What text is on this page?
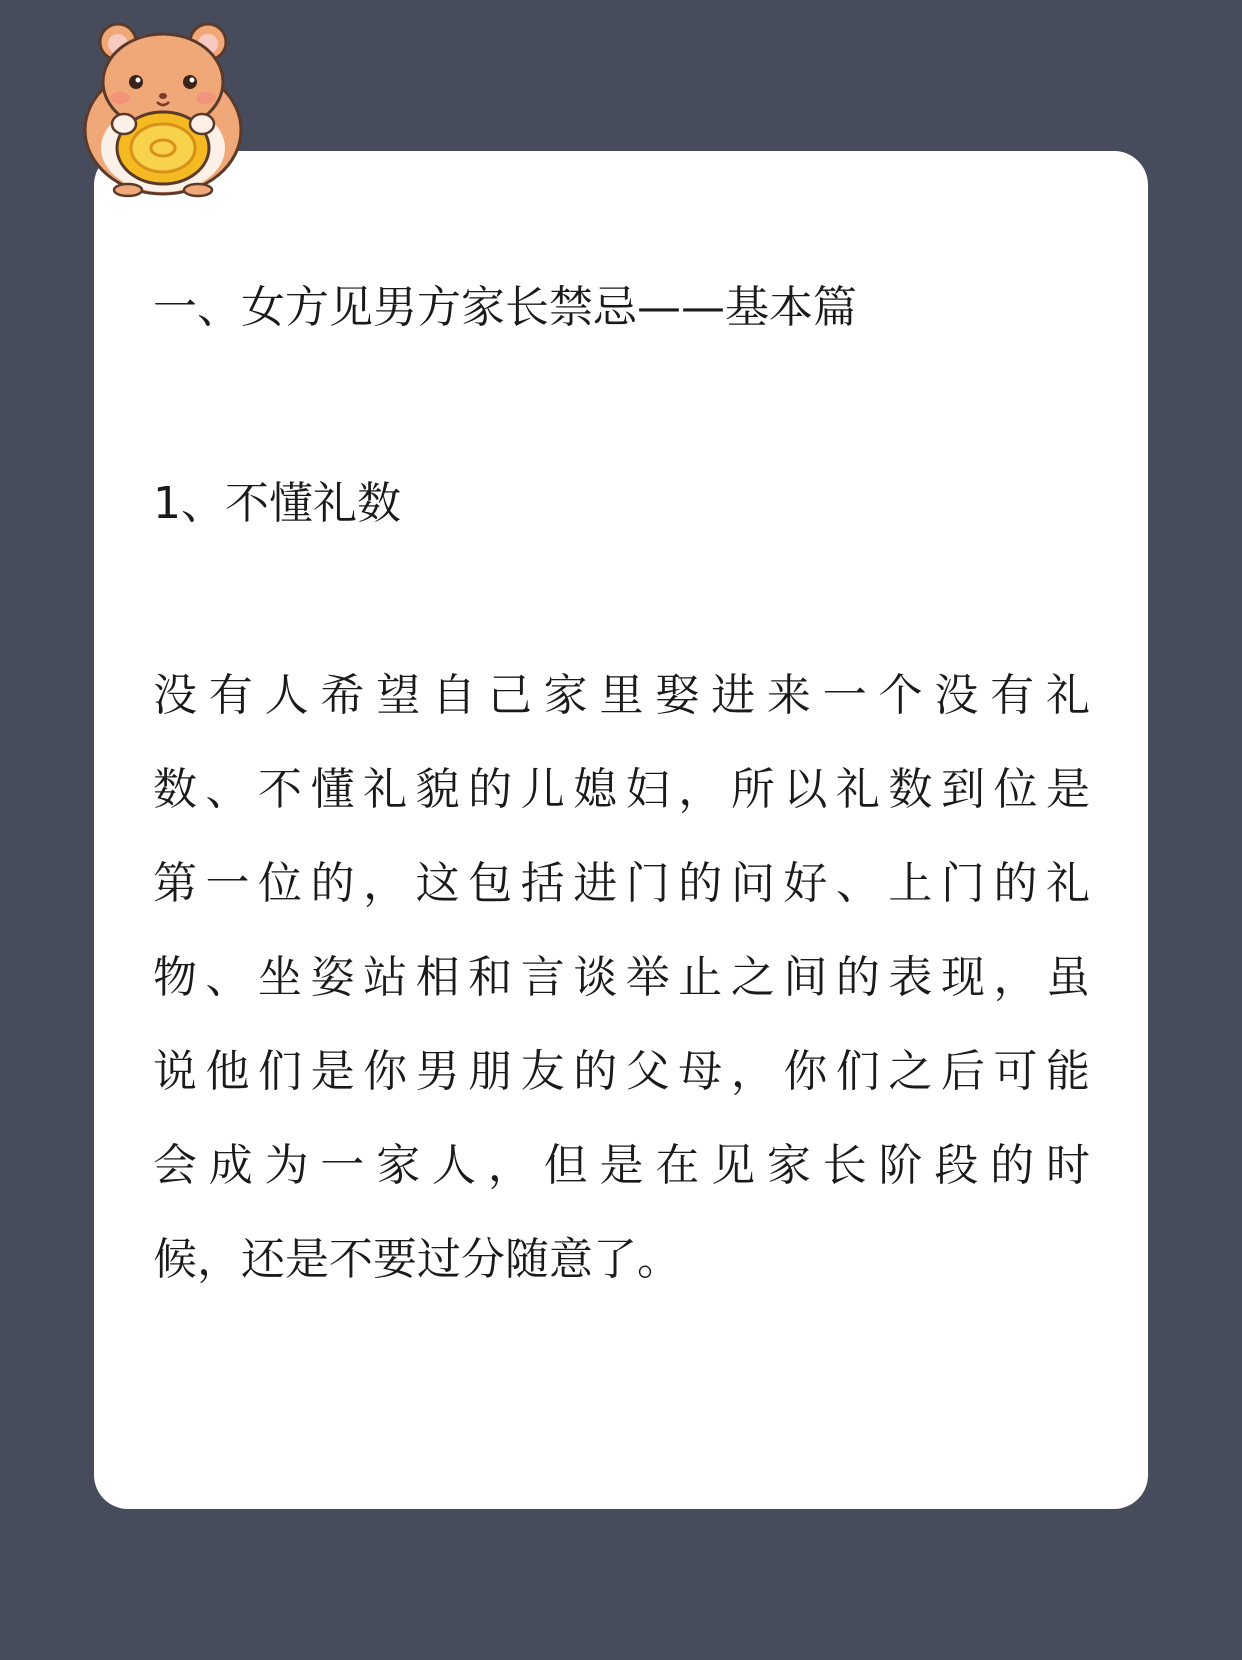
一、女方见男方家长禁忌——基本篇
1、不懂礼数
没有人希望自己家里娶进来一个没有礼
数、不懂礼貌的儿媳妇，所以礼数到位是
第一位的，这包括进门的问好、上门的礼
物、坐姿站相和言谈举止之间的表现，虽
说他们是你男朋友的父母，你们之后可能
会成为一家人，但是在见家长阶段的时
候，还是不要过分随意了。
